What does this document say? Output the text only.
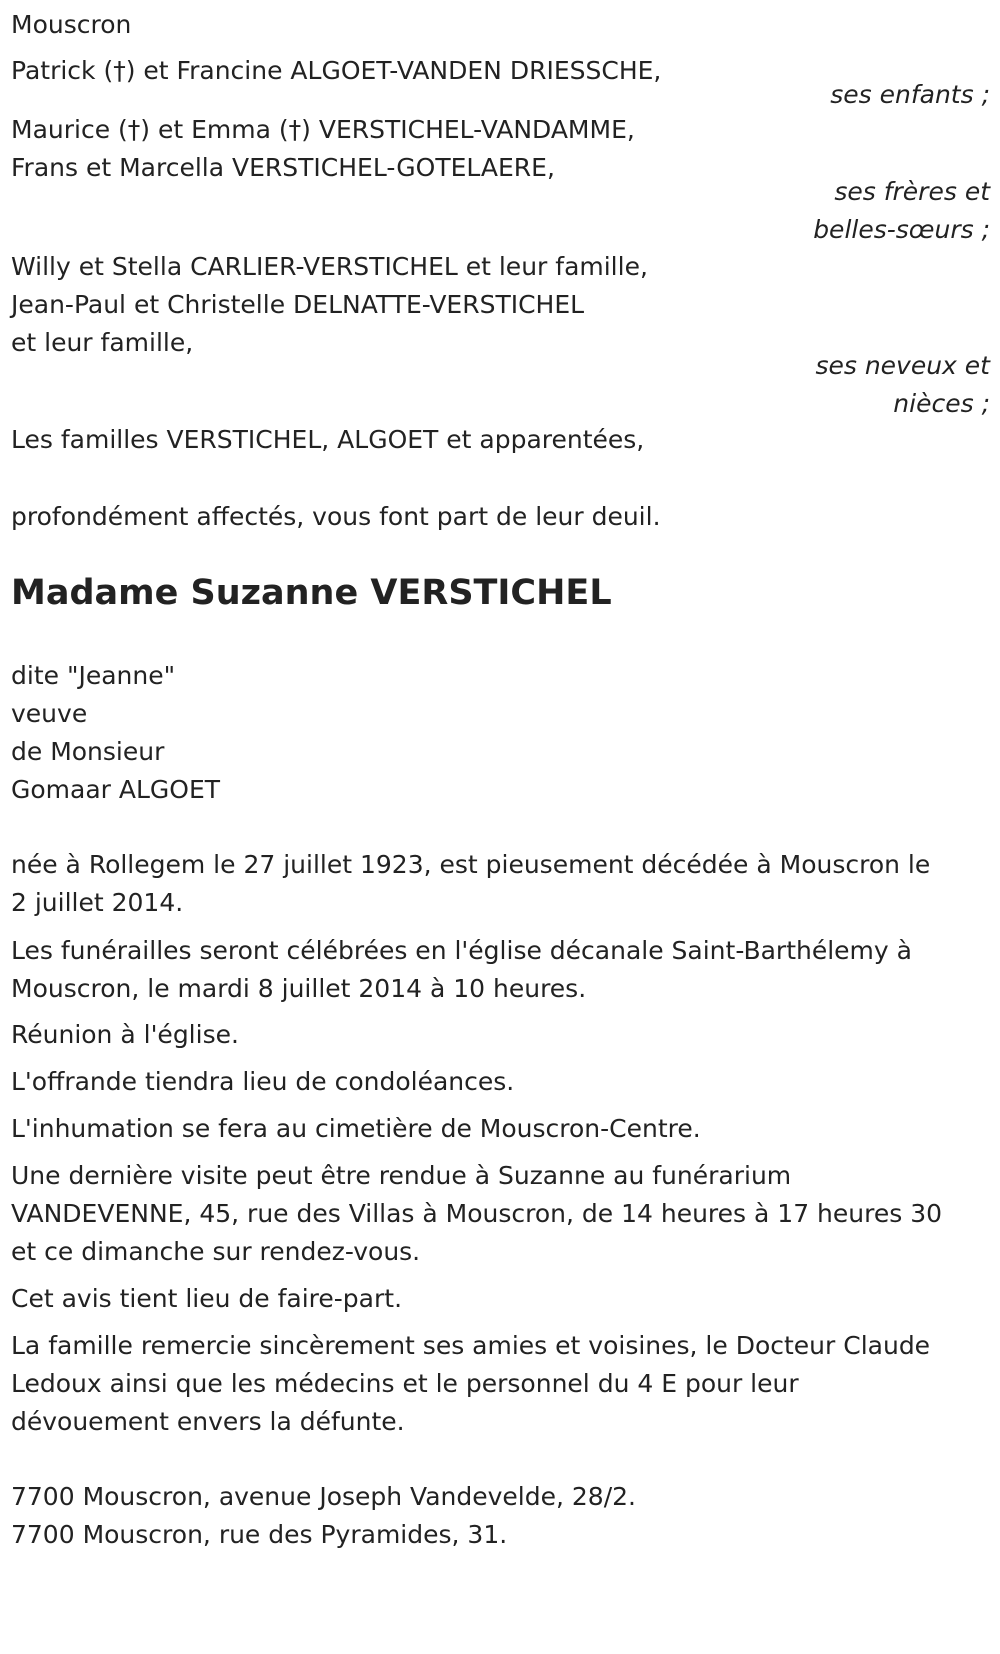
Mouscron
Patrick (†) et Francine ALGOET-VANDEN DRIESSCHE,
ses enfants ;
Maurice (†) et Emma (†) VERSTICHEL-VANDAMME,
Frans et Marcella VERSTICHEL-GOTELAERE,
ses frères et
belles-sœurs ;
Willy et Stella CARLIER-VERSTICHEL et leur famille,
Jean-Paul et Christelle DELNATTE-VERSTICHEL
et leur famille,
ses neveux et
nièces ;
Les familles VERSTICHEL, ALGOET et apparentées,
profondément affectés, vous font part de leur deuil.
Madame Suzanne VERSTICHEL
dite "Jeanne"
veuve
de Monsieur
Gomaar ALGOET
née à Rollegem le 27 juillet 1923, est pieusement décédée à Mouscron le
2 juillet 2014.
Les funérailles seront célébrées en l'église décanale Saint-Barthélemy à
Mouscron, le mardi 8 juillet 2014 à 10 heures.
Réunion à l'église.
L'offrande tiendra lieu de condoléances.
L'inhumation se fera au cimetière de Mouscron-Centre.
Une dernière visite peut être rendue à Suzanne au funérarium
VANDEVENNE, 45, rue des Villas à Mouscron, de 14 heures à 17 heures 30
et ce dimanche sur rendez-vous.
Cet avis tient lieu de faire-part.
La famille remercie sincèrement ses amies et voisines, le Docteur Claude
Ledoux ainsi que les médecins et le personnel du 4 E pour leur
dévouement envers la défunte.
7700 Mouscron, avenue Joseph Vandevelde, 28/2.
7700 Mouscron, rue des Pyramides, 31.
